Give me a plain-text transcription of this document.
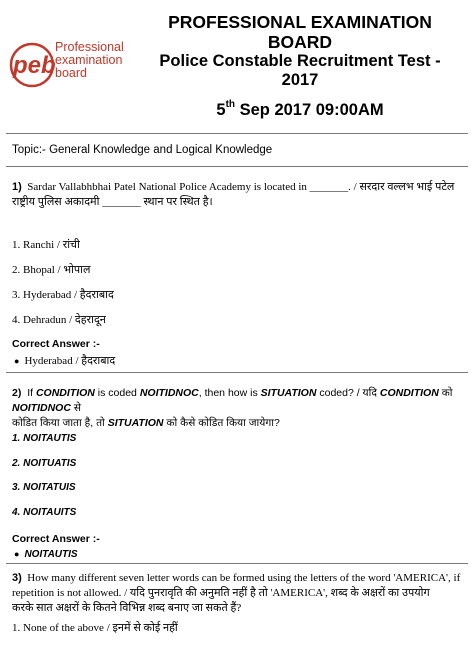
peb
Professional
examination
board
PROFESSIONAL EXAMINATION
BOARD
Police Constable Recruitment Test -
2017
5th Sep 2017 09:00AM
Topic:- General Knowledge and Logical Knowledge
1) Sardar Vallabhbhai Patel National Police Academy is located in _______. / सरदार वल्लभ भाई पटेल
राष्ट्रीय पुलिस अकादमी _______ स्थान पर स्थित है।
1. Ranchi / रांची
2. Bhopal / भोपाल
3. Hyderabad / हैदराबाद
4. Dehradun / देहरादून
Correct Answer :-
● Hyderabad / हैदराबाद
2) If CONDITION is coded NOITIDNOC, then how is SITUATION coded? / यदि CONDITION को NOITIDNOC से
कोडित किया जाता है, तो SITUATION को कैसे कोडित किया जायेगा?
1. NOITAUTIS
2. NOITUATIS
3. NOITATUIS
4. NOITAUITS
Correct Answer :-
● NOITAUTIS
3) How many different seven letter words can be formed using the letters of the word 'AMERICA', if
repetition is not allowed. / यदि पुनरावृति की अनुमति नहीं है तो 'AMERICA', शब्द के अक्षरों का उपयोग
करके सात अक्षरों के कितने विभिन्न शब्द बनाए जा सकते हैं?
1. None of the above / इनमें से कोई नहीं
